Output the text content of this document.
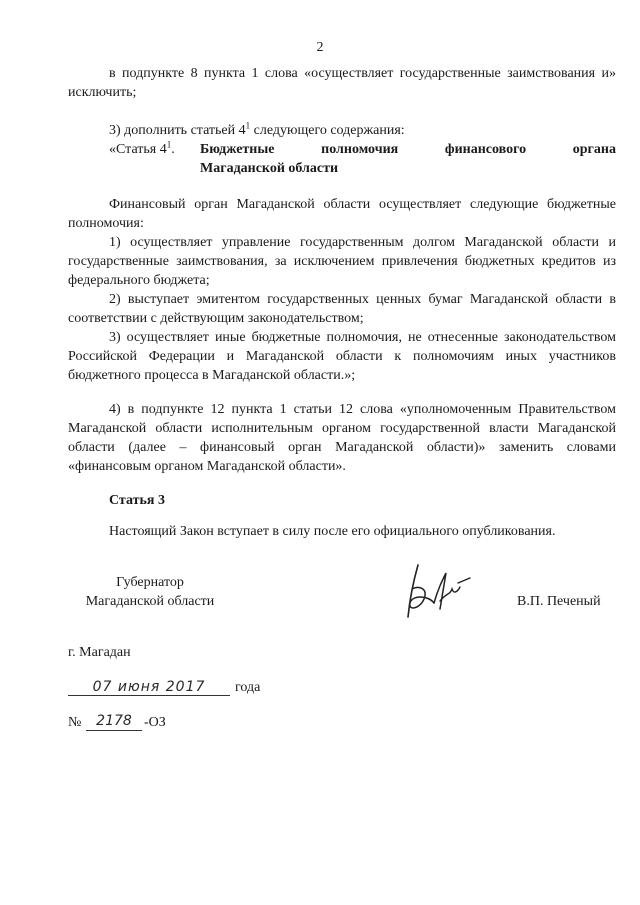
2

в подпункте 8 пункта 1 слова «осуществляет государственные заимствования и» исключить;

3) дополнить статьей $4^1$ следующего содержания:

«Статья $4^1$.	Бюджетные полномочия финансового органа
Магаданской области

Финансовый орган Магаданской области осуществляет следующие бюджетные полномочия:

1) осуществляет управление государственным долгом Магаданской области и государственные заимствования, за исключением привлечения бюджетных кредитов из федерального бюджета;

2) выступает эмитентом государственных ценных бумаг Магаданской области в соответствии с действующим законодательством;

3) осуществляет иные бюджетные полномочия, не отнесенные законодательством Российской Федерации и Магаданской области к полномочиям иных участников бюджетного процесса в Магаданской области.»;

4) в подпункте 12 пункта 1 статьи 12 слова «уполномоченным Правительством Магаданской области исполнительным органом государственной власти Магаданской области (далее – финансовый орган Магаданской области)» заменить словами «финансовым органом Магаданской области».

Статья 3

Настоящий Закон вступает в силу после его официального опубликования.

Губернатор
Магаданской области	В.П. Печеный
г. Магадан
07 июня 2017	года
№	2178 -ОЗ
